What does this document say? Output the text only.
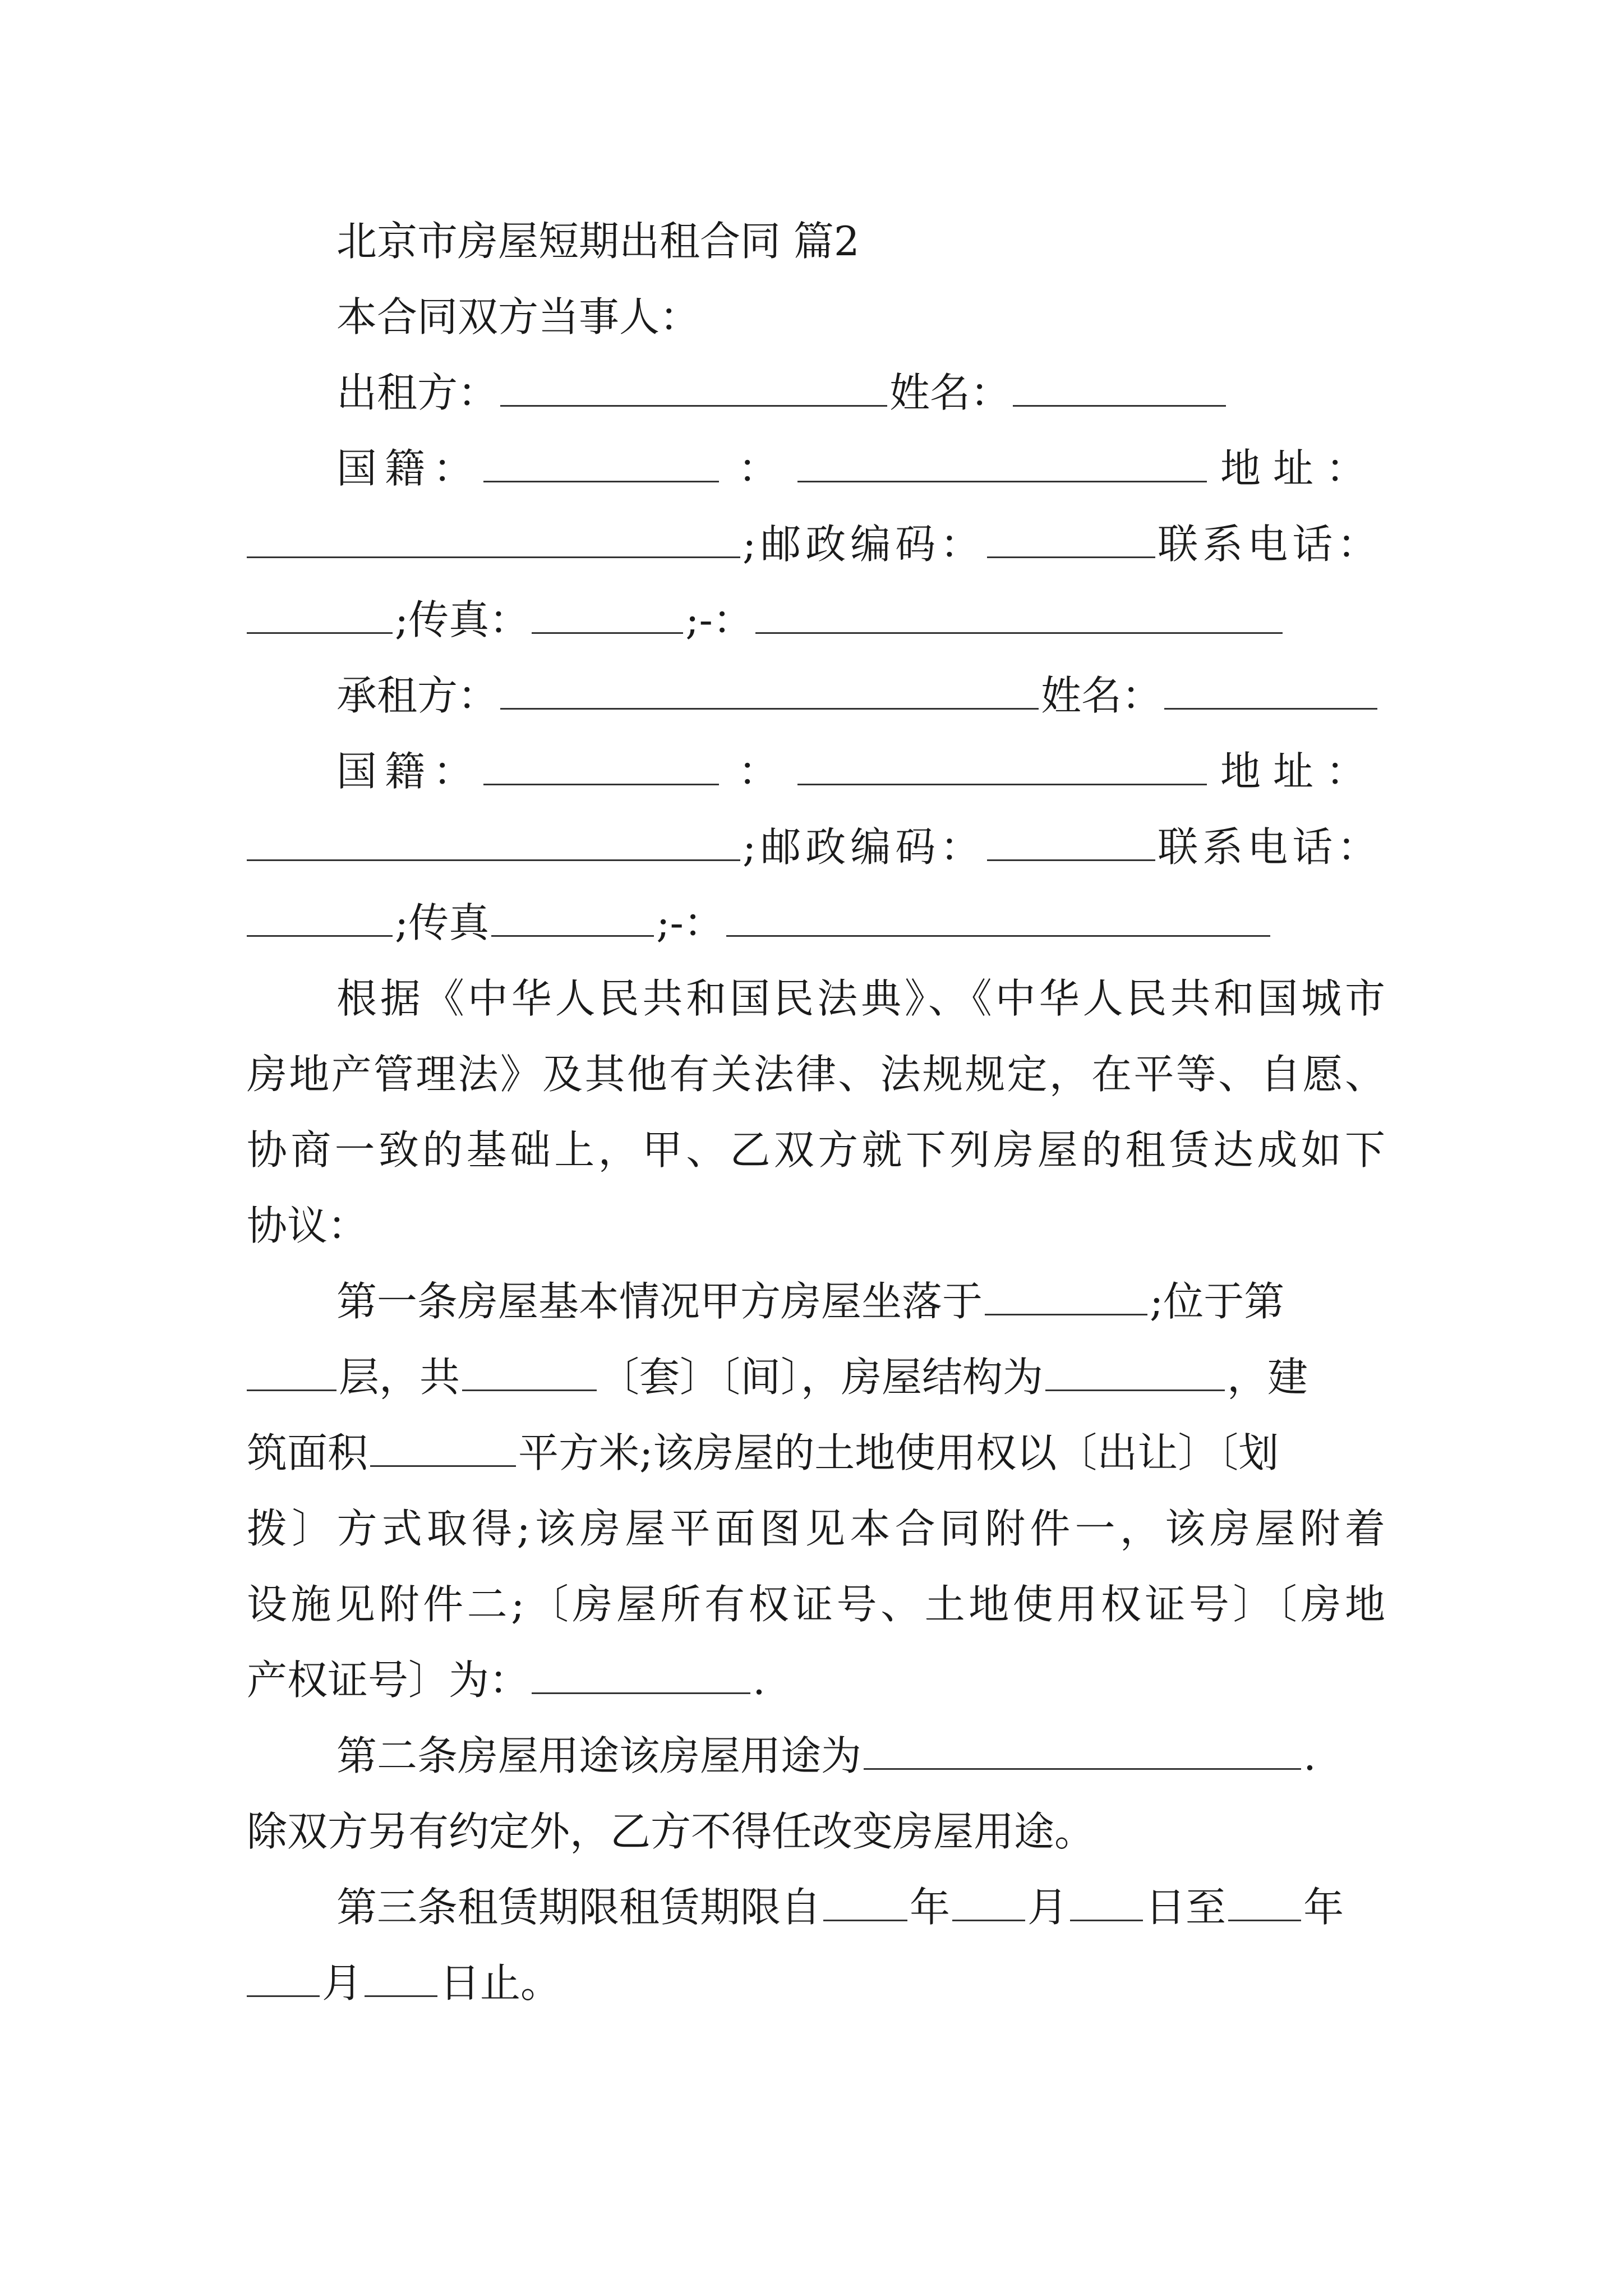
北京市房屋短期出租合同 篇2
本合同双方当事人：
出租方：	姓名：
国籍：	：	地址：
;邮政编码：	联系电话：
;传真：	;-：
承租方：	姓名：
国籍：	：	地址：
;邮政编码：	联系电话：
;传真	;-：
根据《中华人民共和国民法典》、《中华人民共和国城市
房地产管理法》及其他有关法律、法规规定，在平等、自愿、
协商一致的基础上，甲、乙双方就下列房屋的租赁达成如下
协议：
第一条房屋基本情况甲方房屋坐落于	;位于第
层，共	〔套〕〔间〕，房屋结构为	，建
筑面积	平方米;该房屋的土地使用权以〔出让〕〔划
拨〕方式取得;该房屋平面图见本合同附件一，该房屋附着
设施见附件二;〔房屋所有权证号、土地使用权证号〕〔房地
产权证号〕为：	.
第二条房屋用途该房屋用途为	.
除双方另有约定外，乙方不得任改变房屋用途。
第三条租赁期限租赁期限自 年 月 日至 年
月 日止。
